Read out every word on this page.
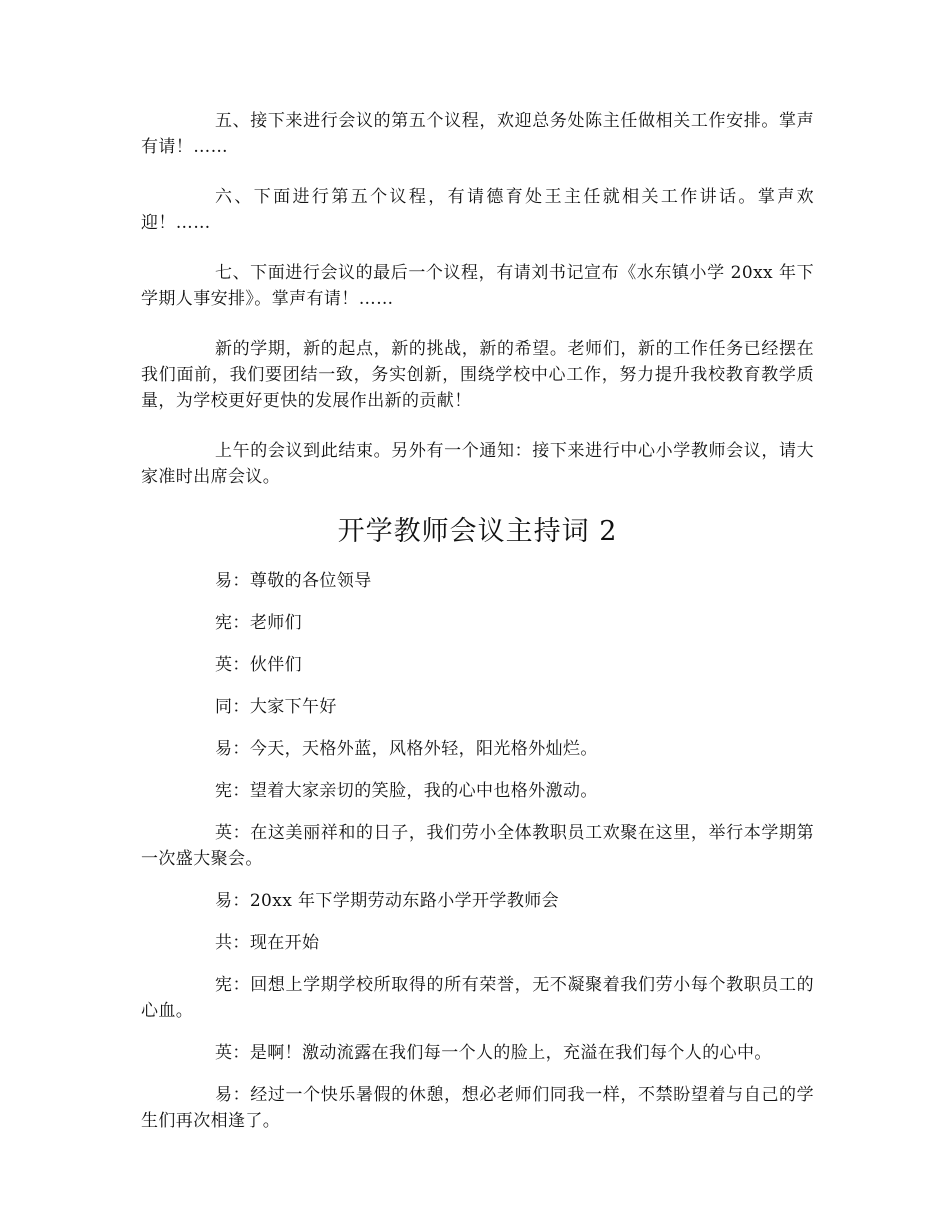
五、接下来进行会议的第五个议程，欢迎总务处陈主任做相关工作安排。掌声有请！……

六、下面进行第五个议程，有请德育处王主任就相关工作讲话。掌声欢迎！……

七、下面进行会议的最后一个议程，有请刘书记宣布《水东镇小学 20xx 年下学期人事安排》。掌声有请！……

新的学期，新的起点，新的挑战，新的希望。老师们，新的工作任务已经摆在我们面前，我们要团结一致，务实创新，围绕学校中心工作，努力提升我校教育教学质量，为学校更好更快的发展作出新的贡献！

上午的会议到此结束。另外有一个通知：接下来进行中心小学教师会议，请大家准时出席会议。

开学教师会议主持词 2

易：尊敬的各位领导

宪：老师们

英：伙伴们

同：大家下午好

易：今天，天格外蓝，风格外轻，阳光格外灿烂。

宪：望着大家亲切的笑脸，我的心中也格外激动。

英：在这美丽祥和的日子，我们劳小全体教职员工欢聚在这里，举行本学期第一次盛大聚会。

易：20xx 年下学期劳动东路小学开学教师会

共：现在开始

宪：回想上学期学校所取得的所有荣誉，无不凝聚着我们劳小每个教职员工的心血。

英：是啊！激动流露在我们每一个人的脸上，充溢在我们每个人的心中。

易：经过一个快乐暑假的休憩，想必老师们同我一样，不禁盼望着与自己的学生们再次相逢了。
